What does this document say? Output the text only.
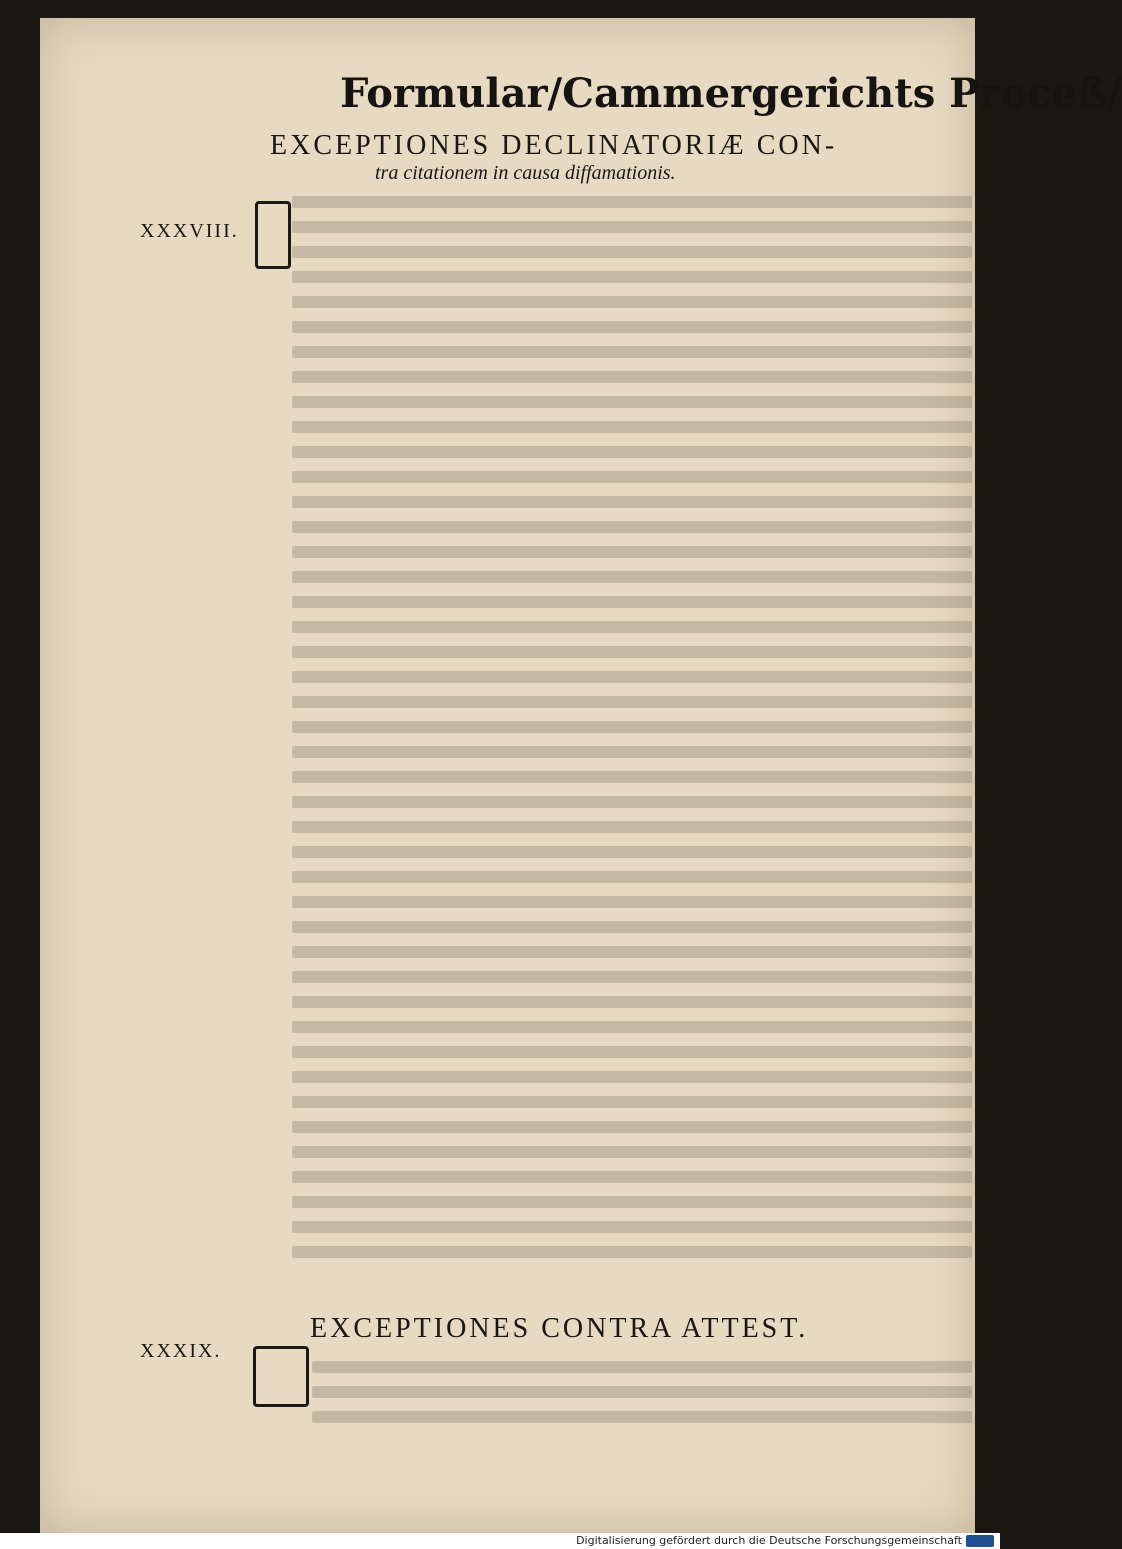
Formular/Cammergerichts Proceß/
EXCEPTIONES DECLINATORIÆ CON-
tra citationem in causa diffamationis.
XXXVIII.
EXCEPTIONES CONTRA ATTEST.
XXXIX.
Digitalisierung gefördert durch die Deutsche Forschungsgemeinschaft
